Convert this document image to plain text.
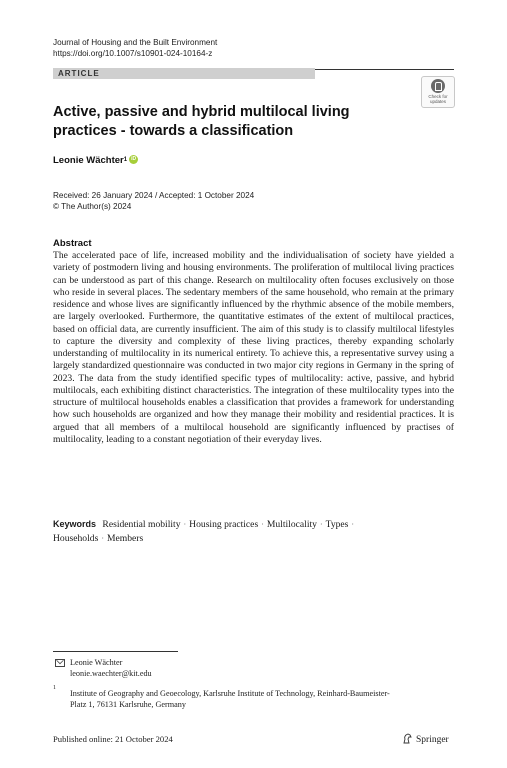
Journal of Housing and the Built Environment
https://doi.org/10.1007/s10901-024-10164-z
ARTICLE
Check for updates
Active, passive and hybrid multilocal living practices - towards a classification
Leonie Wächter$^1$iD
Received: 26 January 2024 / Accepted: 1 October 2024
© The Author(s) 2024
Abstract
The accelerated pace of life, increased mobility and the individualisation of society have yielded a variety of postmodern living and housing environments. The proliferation of multilocal living practices can be understood as part of this change. Research on multilocality often focuses exclusively on those who reside in several places. The sedentary members of the same household, who remain at the primary residence and whose lives are significantly influenced by the rhythmic absence of the mobile members, are largely overlooked. Furthermore, the quantitative estimates of the extent of multilocal practices, based on official data, are currently insufficient. The aim of this study is to classify multilocal lifestyles to capture the diversity and complexity of these living practices, thereby expanding scholarly understanding of multilocality in its numerical entirety. To achieve this, a representative survey using a largely standardized questionnaire was conducted in two major city regions in Germany in the spring of 2023. The data from the study identified specific types of multilocality: active, passive, and hybrid multilocals, each exhibiting distinct characteristics. The integration of these multilocality types into the structure of multilocal households enables a classification that provides a framework for understanding how such households are organized and how they manage their mobility and residential practices. It is argued that all members of a multilocal household are significantly influenced by practises of multilocality, leading to a constant negotiation of their everyday lives.
Keywords Residential mobility · Housing practices · Multilocality · Types ·
Households · Members
Leonie Wächter
leonie.waechter@kit.edu
1
Institute of Geography and Geoecology, Karlsruhe Institute of Technology, Reinhard-Baumeister-Platz 1, 76131 Karlsruhe, Germany
Published online: 21 October 2024	Springer
